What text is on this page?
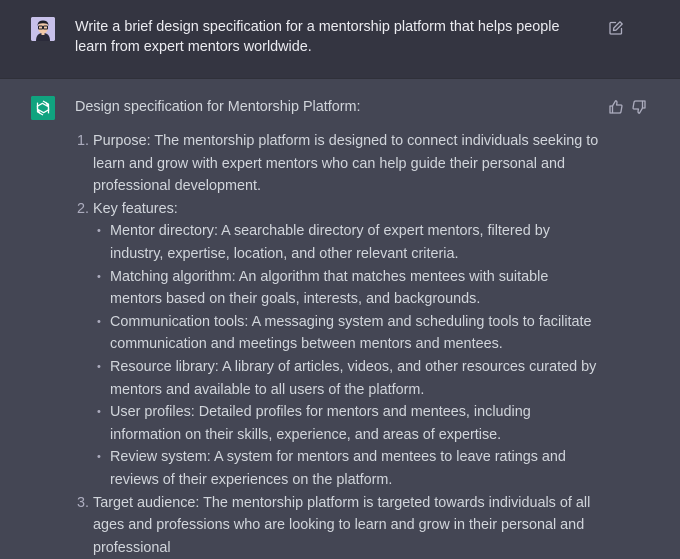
Write a brief design specification for a mentorship platform that helps people learn from expert mentors worldwide.

Design specification for Mentorship Platform:

1. Purpose: The mentorship platform is designed to connect individuals seeking to learn and grow with expert mentors who can help guide their personal and professional development.
2. Key features:
• Mentor directory: A searchable directory of expert mentors, filtered by industry, expertise, location, and other relevant criteria.
• Matching algorithm: An algorithm that matches mentees with suitable mentors based on their goals, interests, and backgrounds.
• Communication tools: A messaging system and scheduling tools to facilitate communication and meetings between mentors and mentees.
• Resource library: A library of articles, videos, and other resources curated by mentors and available to all users of the platform.
• User profiles: Detailed profiles for mentors and mentees, including information on their skills, experience, and areas of expertise.
• Review system: A system for mentors and mentees to leave ratings and reviews of their experiences on the platform.
3. Target audience: The mentorship platform is targeted towards individuals of all ages and professions who are looking to learn and grow in their personal and professional
